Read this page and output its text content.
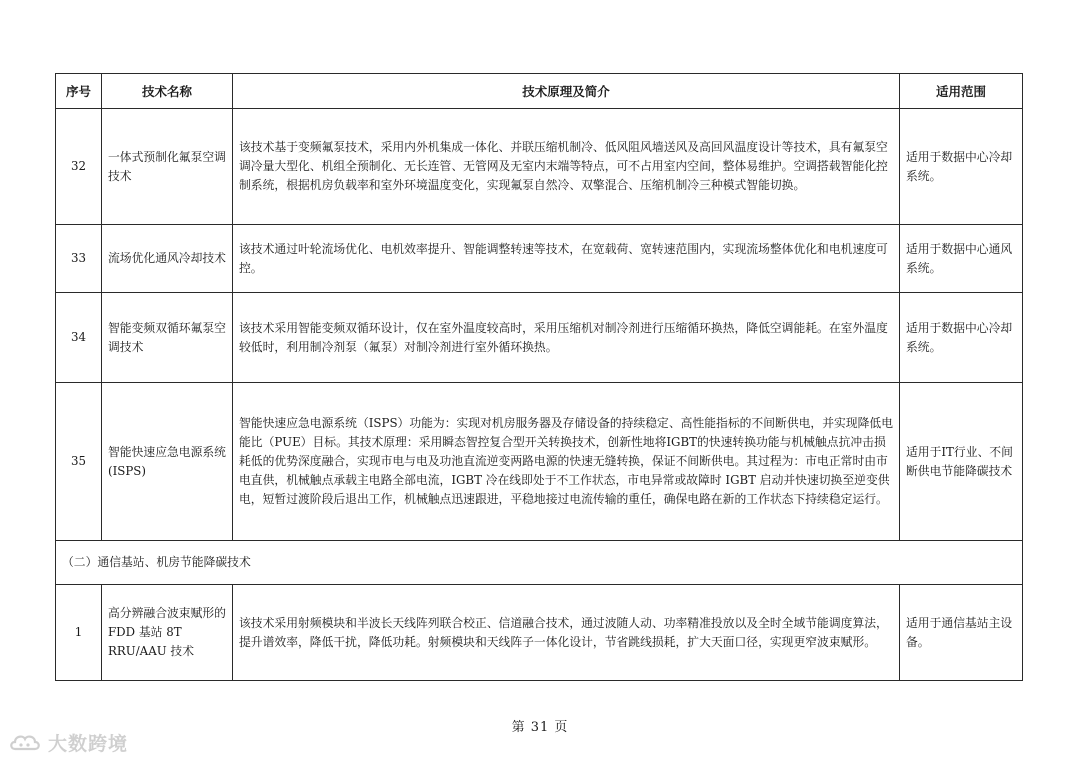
序号	技术名称	技术原理及简介	适用范围
32	一体式预制化氟泵空调技术	该技术基于变频氟泵技术，采用内外机集成一体化、并联压缩机制冷、低风阻风墙送风及高回风温度设计等技术，具有氟泵空调冷量大型化、机组全预制化、无长连管、无管网及无室内末端等特点，可不占用室内空间，整体易维护。空调搭载智能化控制系统，根据机房负载率和室外环境温度变化，实现氟泵自然冷、双擎混合、压缩机制冷三种模式智能切换。	适用于数据中心冷却系统。
33	流场优化通风冷却技术	该技术通过叶轮流场优化、电机效率提升、智能调整转速等技术，在宽载荷、宽转速范围内，实现流场整体优化和电机速度可控。	适用于数据中心通风系统。
34	智能变频双循环氟泵空调技术	该技术采用智能变频双循环设计，仅在室外温度较高时，采用压缩机对制冷剂进行压缩循环换热，降低空调能耗。在室外温度较低时，利用制冷剂泵（氟泵）对制冷剂进行室外循环换热。	适用于数据中心冷却系统。
35	智能快速应急电源系统(ISPS)	智能快速应急电源系统（ISPS）功能为：实现对机房服务器及存储设备的持续稳定、高性能指标的不间断供电，并实现降低电能比（PUE）目标。其技术原理：采用瞬态智控复合型开关转换技术，创新性地将IGBT的快速转换功能与机械触点抗冲击损耗低的优势深度融合，实现市电与电及功池直流逆变两路电源的快速无缝转换，保证不间断供电。其过程为：市电正常时由市电直供，机械触点承载主电路全部电流，IGBT 冷在线即处于不工作状态，市电异常或故障时 IGBT 启动并快速切换至逆变供电，短暂过渡阶段后退出工作，机械触点迅速跟进，平稳地接过电流传输的重任，确保电路在新的工作状态下持续稳定运行。	适用于IT行业、不间断供电节能降碳技术
（二）通信基站、机房节能降碳技术			
1	高分辨融合波束赋形的 FDD 基站 8T RRU/AAU 技术	该技术采用射频模块和半波长天线阵列联合校正、信道融合技术，通过波随人动、功率精准投放以及全时全域节能调度算法，提升谱效率，降低干扰，降低功耗。射频模块和天线阵子一体化设计，节省跳线损耗，扩大天面口径，实现更窄波束赋形。	适用于通信基站主设备。
第 31 页
大数跨境
